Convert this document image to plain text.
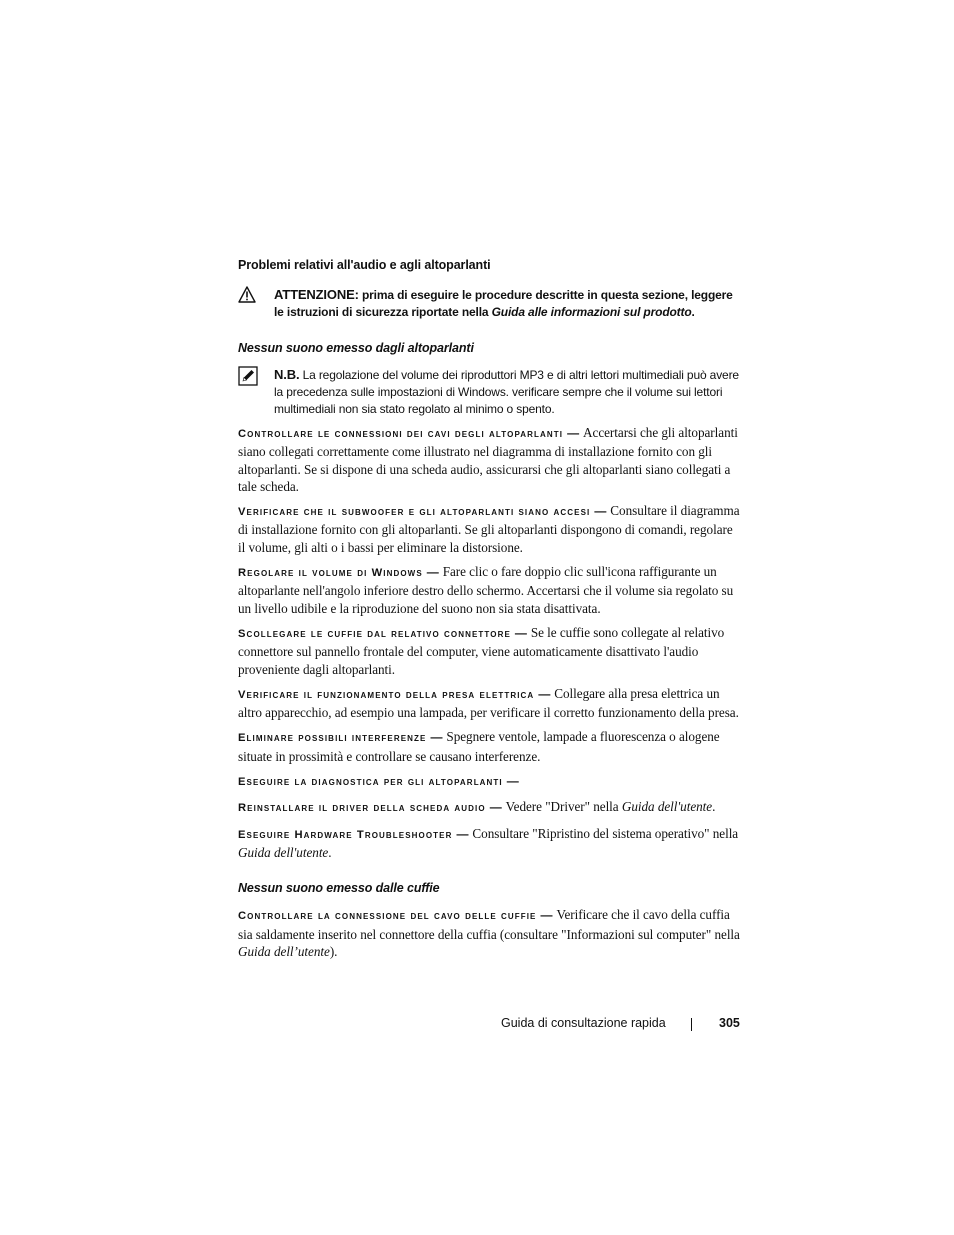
Problemi relativi all'audio e agli altoparlanti
ATTENZIONE: prima di eseguire le procedure descritte in questa sezione, leggere le istruzioni di sicurezza riportate nella Guida alle informazioni sul prodotto.
Nessun suono emesso dagli altoparlanti
N.B. La regolazione del volume dei riproduttori MP3 e di altri lettori multimediali può avere la precedenza sulle impostazioni di Windows. verificare sempre che il volume sui lettori multimediali non sia stato regolato al minimo o spento.
Controllare le connessioni dei cavi degli altoparlanti — Accertarsi che gli altoparlanti siano collegati correttamente come illustrato nel diagramma di installazione fornito con gli altoparlanti. Se si dispone di una scheda audio, assicurarsi che gli altoparlanti siano collegati a tale scheda.
Verificare che il subwoofer e gli altoparlanti siano accesi — Consultare il diagramma di installazione fornito con gli altoparlanti. Se gli altoparlanti dispongono di comandi, regolare il volume, gli alti o i bassi per eliminare la distorsione.
Regolare il volume di Windows — Fare clic o fare doppio clic sull'icona raffigurante un altoparlante nell'angolo inferiore destro dello schermo. Accertarsi che il volume sia regolato su un livello udibile e la riproduzione del suono non sia stata disattivata.
Scollegare le cuffie dal relativo connettore — Se le cuffie sono collegate al relativo connettore sul pannello frontale del computer, viene automaticamente disattivato l'audio proveniente dagli altoparlanti.
Verificare il funzionamento della presa elettrica — Collegare alla presa elettrica un altro apparecchio, ad esempio una lampada, per verificare il corretto funzionamento della presa.
Eliminare possibili interferenze — Spegnere ventole, lampade a fluorescenza o alogene situate in prossimità e controllare se causano interferenze.
Eseguire la diagnostica per gli altoparlanti —
Reinstallare il driver della scheda audio — Vedere "Driver" nella Guida dell'utente.
Eseguire Hardware Troubleshooter — Consultare "Ripristino del sistema operativo" nella Guida dell'utente.
Nessun suono emesso dalle cuffie
Controllare la connessione del cavo delle cuffie — Verificare che il cavo della cuffia sia saldamente inserito nel connettore della cuffia (consultare "Informazioni sul computer" nella Guida dell’utente).
Guida di consultazione rapida	305
